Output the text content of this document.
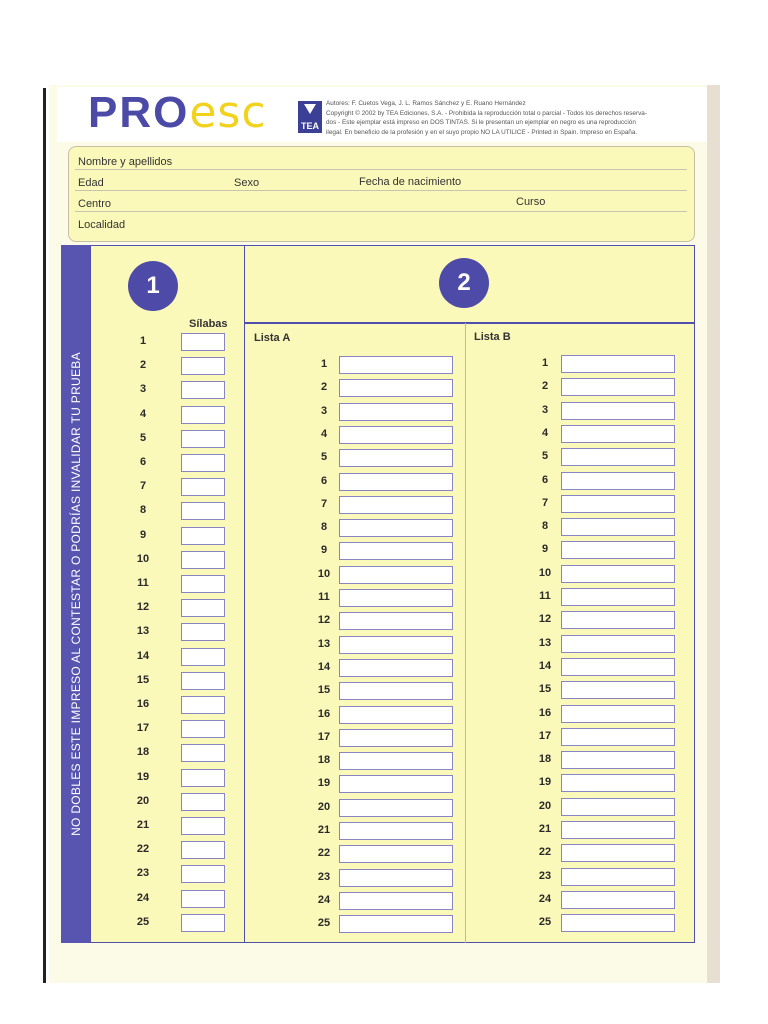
PROesc	TEA
Autores: F. Cuetos Vega, J. L. Ramos Sánchez y E. Ruano Hernández
Copyright © 2002 by TEA Ediciones, S.A. - Prohibida la reproducción total o parcial - Todos los derechos reserva-
dos - Este ejemplar está impreso en DOS TINTAS. Si le presentan un ejemplar en negro es una reproducción
ilegal. En beneficio de la profesión y en el suyo propio NO LA UTILICE - Printed in Spain. Impreso en España.
Nombre y apellidos
Edad	Sexo	Fecha de nacimiento
Centro	Curso
Localidad
NO DOBLES ESTE IMPRESO AL CONTESTAR O PODRÍAS INVALIDAR TU PRUEBA
1
Sílabas
2
Lista A	Lista B
1
2
3
4
5
6
7
8
9
10
11
12
13
14
15
16
17
18
19
20
21
22
23
24
25
1
2
3
4
5
6
7
8
9
10
11
12
13
14
15
16
17
18
19
20
21
22
23
24
25
1
2
3
4
5
6
7
8
9
10
11
12
13
14
15
16
17
18
19
20
21
22
23
24
25
